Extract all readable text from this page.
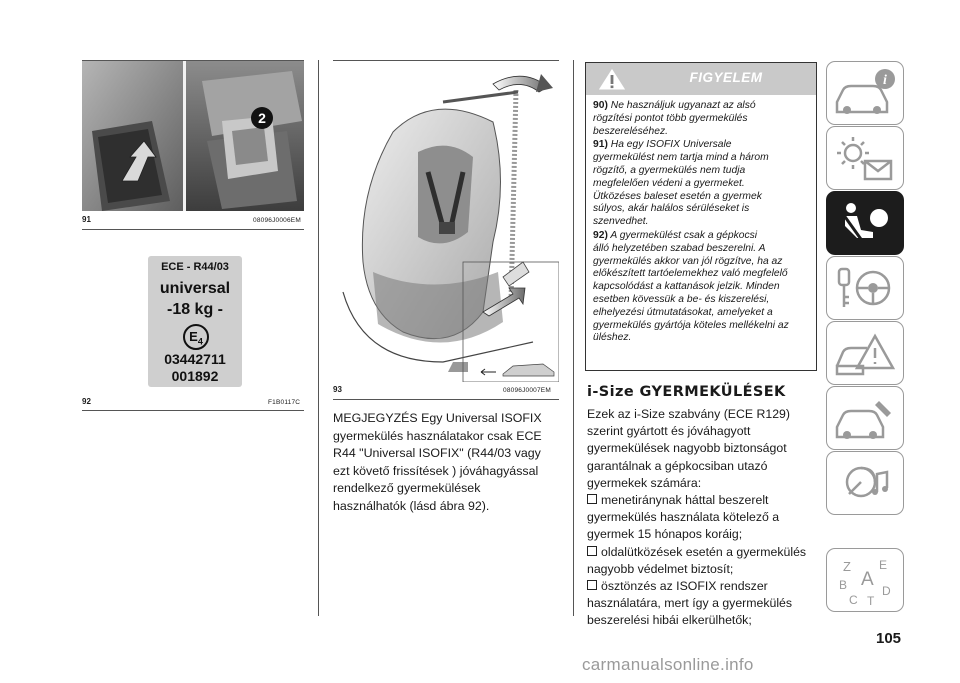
2
91	08096J0006EM
ECE - R44/03
universal
-18 kg -
$E_4$
03442711
001892
92	F1B0117C
93	08096J0007EM
MEGJEGYZÉS Egy Universal ISOFIX
gyermekülés használatakor csak ECE
R44 "Universal ISOFIX" (R44/03 vagy
ezt követő frissítések ) jóváhagyással
rendelkező gyermekülések
használhatók (lásd ábra 92).
FIGYELEM

90) Ne használjuk ugyanazt az alsó
rögzítési pontot több gyermekülés
beszereléséhez.

91) Ha egy ISOFIX Universale
gyermekülést nem tartja mind a három
rögzítő, a gyermekülés nem tudja
megfelelően védeni a gyermeket.
Ütközéses baleset esetén a gyermek
súlyos, akár halálos sérüléseket is
szenvedhet.

92) A gyermekülést csak a gépkocsi
álló helyzetében szabad beszerelni. A
gyermekülés akkor van jól rögzítve, ha az
előkészített tartóelemekhez való megfelelő
kapcsolódást a kattanások jelzik. Minden
esetben kövessük a be- és kiszerelési,
elhelyezési útmutatásokat, amelyeket a
gyermekülés gyártója köteles mellékelni az
üléshez.

i-Size GYERMEKÜLÉSEK
Ezek az i-Size szabvány (ECE R129)
szerint gyártott és jóváhagyott
gyermekülések nagyobb biztonságot
garantálnak a gépkocsiban utazó
gyermekek számára:
menetiránynak háttal beszerelt
gyermekülés használata kötelező a
gyermek 15 hónapos koráig;
oldalütközések esetén a gyermekülés
nagyobb védelmet biztosít;
ösztönzés az ISOFIX rendszer
használatára, mert így a gyermekülés
beszerelési hibái elkerülhetők;
i
Z E
A
B
C
D
T
105
carmanualsonline.info
